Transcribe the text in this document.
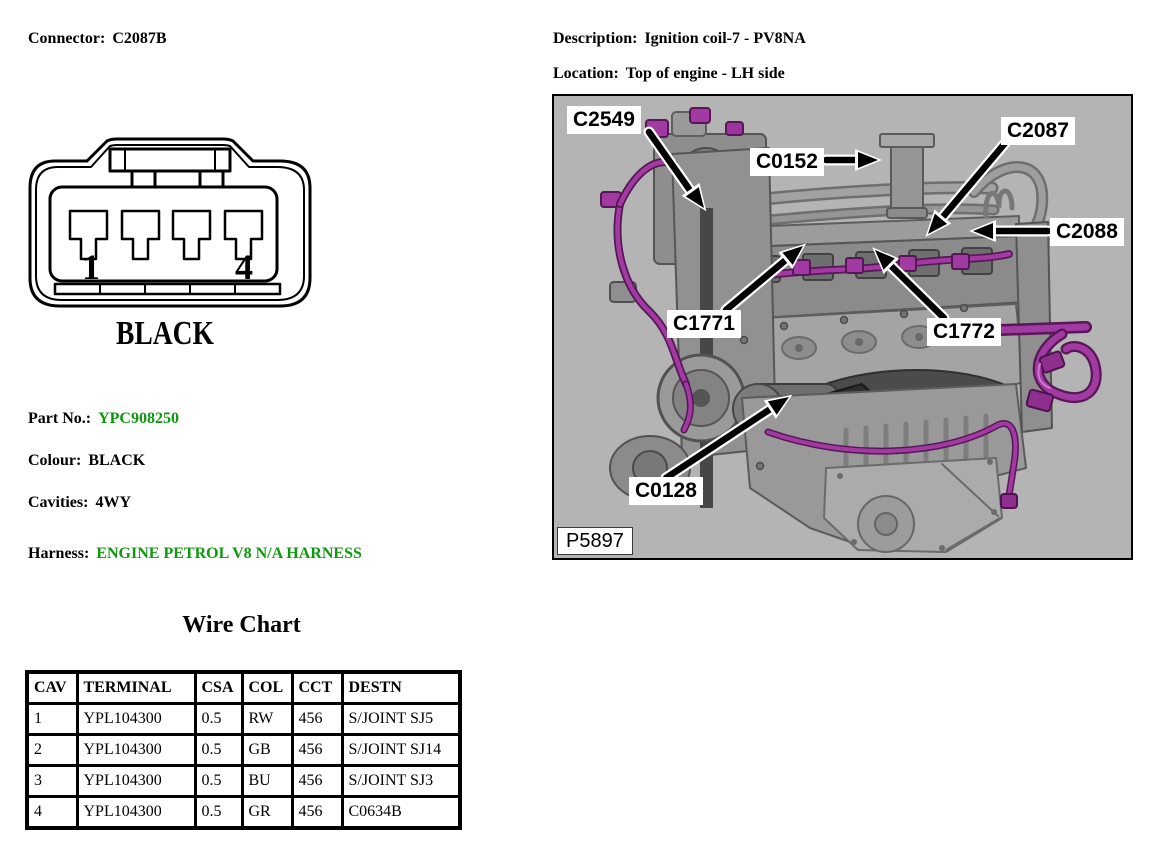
Connector: C2087B	Description: Ignition coil-7 - PV8NA
Location: Top of engine - LH side
1	4
BLACK
Part No.: YPC908250
Colour: BLACK
Cavities: 4WY
Harness: ENGINE PETROL V8 N/A HARNESS
C2549
C0152
C2087
C2088
C1772
C1771
C0128
P5897
Wire Chart
CAV	TERMINAL	CSA	COL	CCT	DESTN
1	YPL104300	0.5	RW	456	S/JOINT SJ5
2	YPL104300	0.5	GB	456	S/JOINT SJ14
3	YPL104300	0.5	BU	456	S/JOINT SJ3
4	YPL104300	0.5	GR	456	C0634B
